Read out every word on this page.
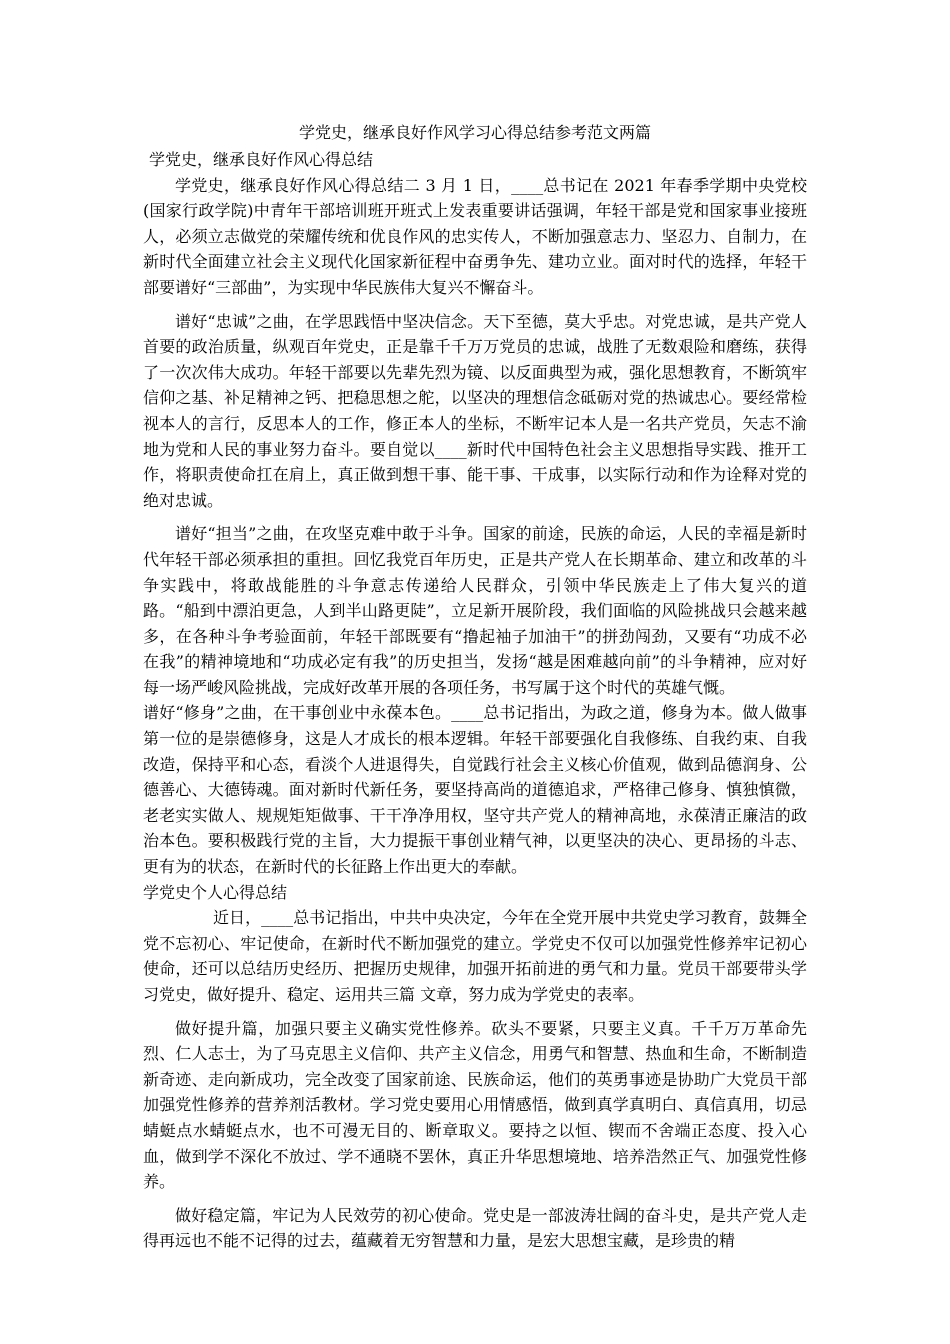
学党史，继承良好作风学习心得总结参考范文两篇

学党史，继承良好作风心得总结

学党史，继承良好作风心得总结二 3 月 1 日，____总书记在 2021 年春季学期中央党校(国家行政学院)中青年干部培训班开班式上发表重要讲话强调，年轻干部是党和国家事业接班人，必须立志做党的荣耀传统和优良作风的忠实传人，不断加强意志力、坚忍力、自制力，在新时代全面建立社会主义现代化国家新征程中奋勇争先、建功立业。面对时代的选择，年轻干部要谱好“三部曲”，为实现中华民族伟大复兴不懈奋斗。

谱好“忠诚”之曲，在学思践悟中坚决信念。天下至德，莫大乎忠。对党忠诚，是共产党人首要的政治质量，纵观百年党史，正是靠千千万万党员的忠诚，战胜了无数艰险和磨练，获得了一次次伟大成功。年轻干部要以先辈先烈为镜、以反面典型为戒，强化思想教育，不断筑牢信仰之基、补足精神之钙、把稳思想之舵，以坚决的理想信念砥砺对党的热诚忠心。要经常检视本人的言行，反思本人的工作，修正本人的坐标，不断牢记本人是一名共产党员，矢志不渝地为党和人民的事业努力奋斗。要自觉以____新时代中国特色社会主义思想指导实践、推开工作，将职责使命扛在肩上，真正做到想干事、能干事、干成事，以实际行动和作为诠释对党的绝对忠诚。

谱好“担当”之曲，在攻坚克难中敢于斗争。国家的前途，民族的命运，人民的幸福是新时代年轻干部必须承担的重担。回忆我党百年历史，正是共产党人在长期革命、建立和改革的斗争实践中，将敢战能胜的斗争意志传递给人民群众，引领中华民族走上了伟大复兴的道路。“船到中漂泊更急，人到半山路更陡”，立足新开展阶段，我们面临的风险挑战只会越来越多，在各种斗争考验面前，年轻干部既要有“撸起袖子加油干”的拼劲闯劲，又要有“功成不必在我”的精神境地和“功成必定有我”的历史担当，发扬“越是困难越向前”的斗争精神，应对好每一场严峻风险挑战，完成好改革开展的各项任务，书写属于这个时代的英雄气慨。

谱好“修身”之曲，在干事创业中永葆本色。____总书记指出，为政之道，修身为本。做人做事第一位的是崇德修身，这是人才成长的根本逻辑。年轻干部要强化自我修练、自我约束、自我改造，保持平和心态，看淡个人进退得失，自觉践行社会主义核心价值观，做到品德润身、公德善心、大德铸魂。面对新时代新任务，要坚持高尚的道德追求，严格律己修身、慎独慎微，老老实实做人、规规矩矩做事、干干净净用权，坚守共产党人的精神高地，永葆清正廉洁的政治本色。要积极践行党的主旨，大力提振干事创业精气神，以更坚决的决心、更昂扬的斗志、更有为的状态，在新时代的长征路上作出更大的奉献。

学党史个人心得总结

近日，____总书记指出，中共中央决定，今年在全党开展中共党史学习教育，鼓舞全党不忘初心、牢记使命，在新时代不断加强党的建立。学党史不仅可以加强党性修养牢记初心使命，还可以总结历史经历、把握历史规律，加强开拓前进的勇气和力量。党员干部要带头学习党史，做好提升、稳定、运用共三篇 文章，努力成为学党史的表率。

做好提升篇，加强只要主义确实党性修养。砍头不要紧，只要主义真。千千万万革命先烈、仁人志士，为了马克思主义信仰、共产主义信念，用勇气和智慧、热血和生命，不断制造新奇迹、走向新成功，完全改变了国家前途、民族命运，他们的英勇事迹是协助广大党员干部加强党性修养的营养剂活教材。学习党史要用心用情感悟，做到真学真明白、真信真用，切忌蜻蜓点水蜻蜓点水，也不可漫无目的、断章取义。要持之以恒、锲而不舍端正态度、投入心血，做到学不深化不放过、学不通晓不罢休，真正升华思想境地、培养浩然正气、加强党性修养。

做好稳定篇，牢记为人民效劳的初心使命。党史是一部波涛壮阔的奋斗史，是共产党人走得再远也不能不记得的过去，蕴藏着无穷智慧和力量，是宏大思想宝藏，是珍贵的精
